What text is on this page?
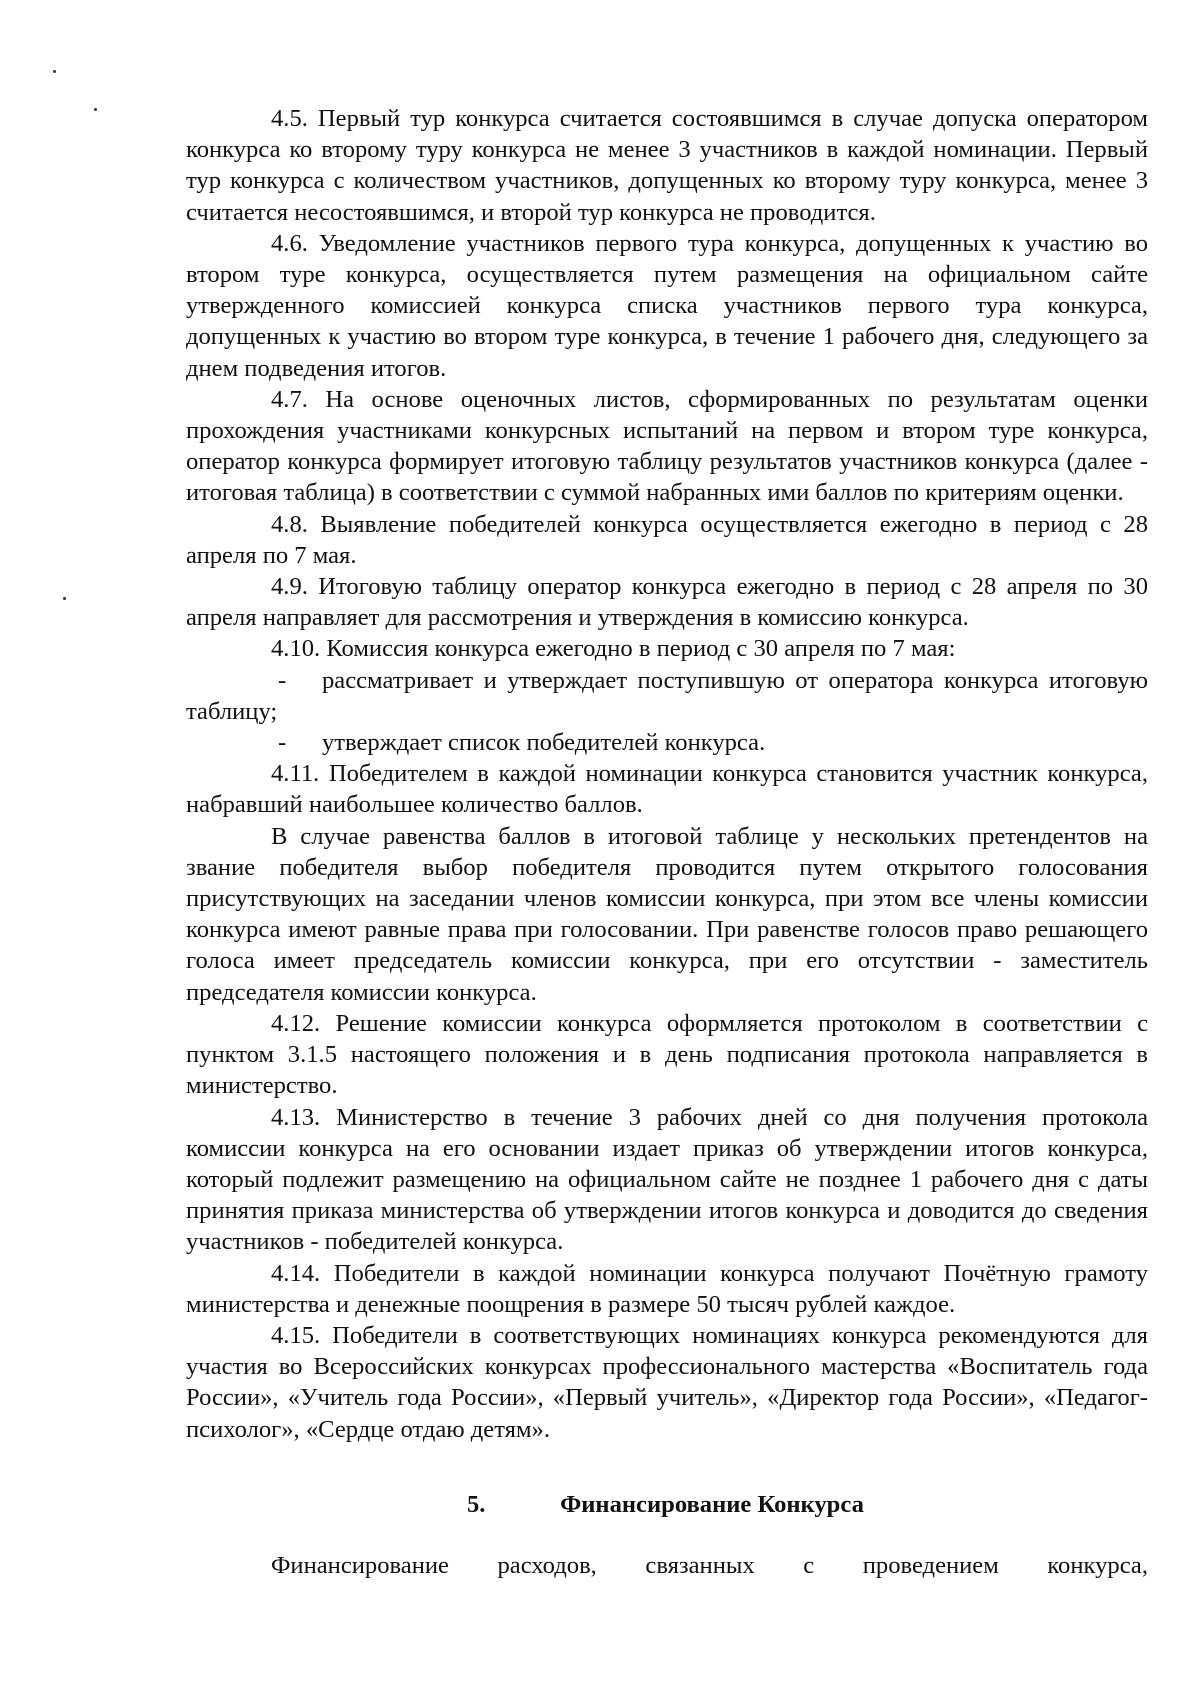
4.5. Первый тур конкурса считается состоявшимся в случае допуска оператором конкурса ко второму туру конкурса не менее 3 участников в каждой номинации. Первый тур конкурса с количеством участников, допущенных ко второму туру конкурса, менее 3 считается несостоявшимся, и второй тур конкурса не проводится.

4.6. Уведомление участников первого тура конкурса, допущенных к участию во втором туре конкурса, осуществляется путем размещения на официальном сайте утвержденного комиссией конкурса списка участников первого тура конкурса, допущенных к участию во втором туре конкурса, в течение 1 рабочего дня, следующего за днем подведения итогов.

4.7. На основе оценочных листов, сформированных по результатам оценки прохождения участниками конкурсных испытаний на первом и втором туре конкурса, оператор конкурса формирует итоговую таблицу результатов участников конкурса (далее - итоговая таблица) в соответствии с суммой набранных ими баллов по критериям оценки.

4.8. Выявление победителей конкурса осуществляется ежегодно в период с 28 апреля по 7 мая.

4.9. Итоговую таблицу оператор конкурса ежегодно в период с 28 апреля по 30 апреля направляет для рассмотрения и утверждения в комиссию конкурса.

4.10. Комиссия конкурса ежегодно в период с 30 апреля по 7 мая:

- рассматривает и утверждает поступившую от оператора конкурса итоговую таблицу;

- утверждает список победителей конкурса.

4.11. Победителем в каждой номинации конкурса становится участник конкурса, набравший наибольшее количество баллов.

В случае равенства баллов в итоговой таблице у нескольких претендентов на звание победителя выбор победителя проводится путем открытого голосования присутствующих на заседании членов комиссии конкурса, при этом все члены комиссии конкурса имеют равные права при голосовании. При равенстве голосов право решающего голоса имеет председатель комиссии конкурса, при его отсутствии - заместитель председателя комиссии конкурса.

4.12. Решение комиссии конкурса оформляется протоколом в соответствии с пунктом 3.1.5 настоящего положения и в день подписания протокола направляется в министерство.

4.13. Министерство в течение 3 рабочих дней со дня получения протокола комиссии конкурса на его основании издает приказ об утверждении итогов конкурса, который подлежит размещению на официальном сайте не позднее 1 рабочего дня с даты принятия приказа министерства об утверждении итогов конкурса и доводится до сведения участников - победителей конкурса.

4.14. Победители в каждой номинации конкурса получают Почётную грамоту министерства и денежные поощрения в размере 50 тысяч рублей каждое.

4.15. Победители в соответствующих номинациях конкурса рекомендуются для участия во Всероссийских конкурсах профессионального мастерства «Воспитатель года России», «Учитель года России», «Первый учитель», «Директор года России», «Педагог-психолог», «Сердце отдаю детям».

5.	Финансирование Конкурса

Финансирование расходов, связанных с проведением конкурса,
